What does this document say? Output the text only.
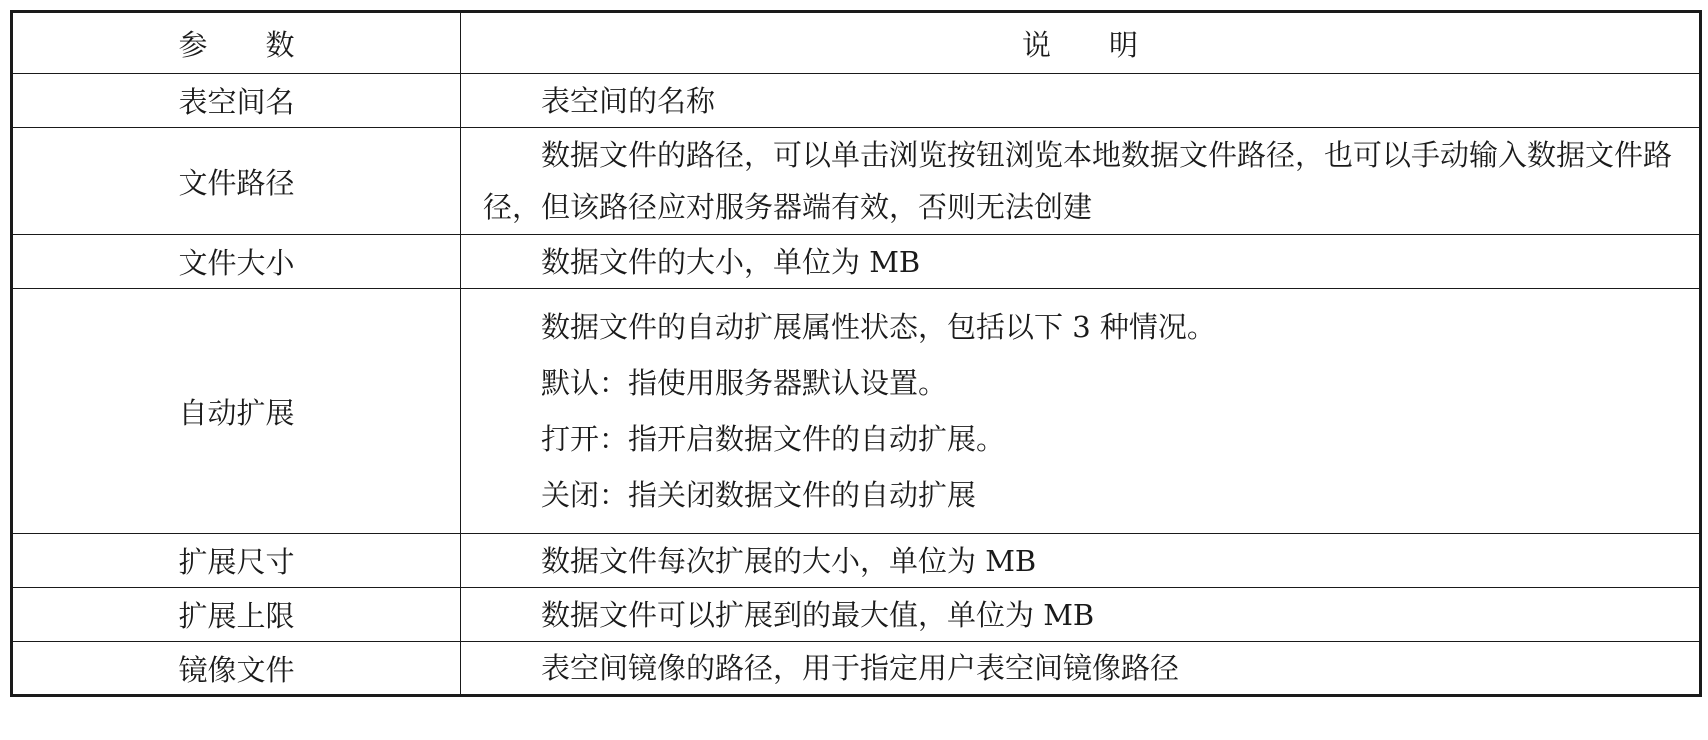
参　　数	说　　明
表空间名	表空间的名称

文件路径	数据文件的路径，可以单击浏览按钮浏览本地数据文件路径，也可以手动输入数据文件路径，但该路径应对服务器端有效，否则无法创建

文件大小	数据文件的大小，单位为 MB

自动扩展	数据文件的自动扩展属性状态，包括以下 3 种情况。

默认：指使用服务器默认设置。

打开：指开启数据文件的自动扩展。

关闭：指关闭数据文件的自动扩展

扩展尺寸	数据文件每次扩展的大小，单位为 MB

扩展上限	数据文件可以扩展到的最大值，单位为 MB

镜像文件	表空间镜像的路径，用于指定用户表空间镜像路径
